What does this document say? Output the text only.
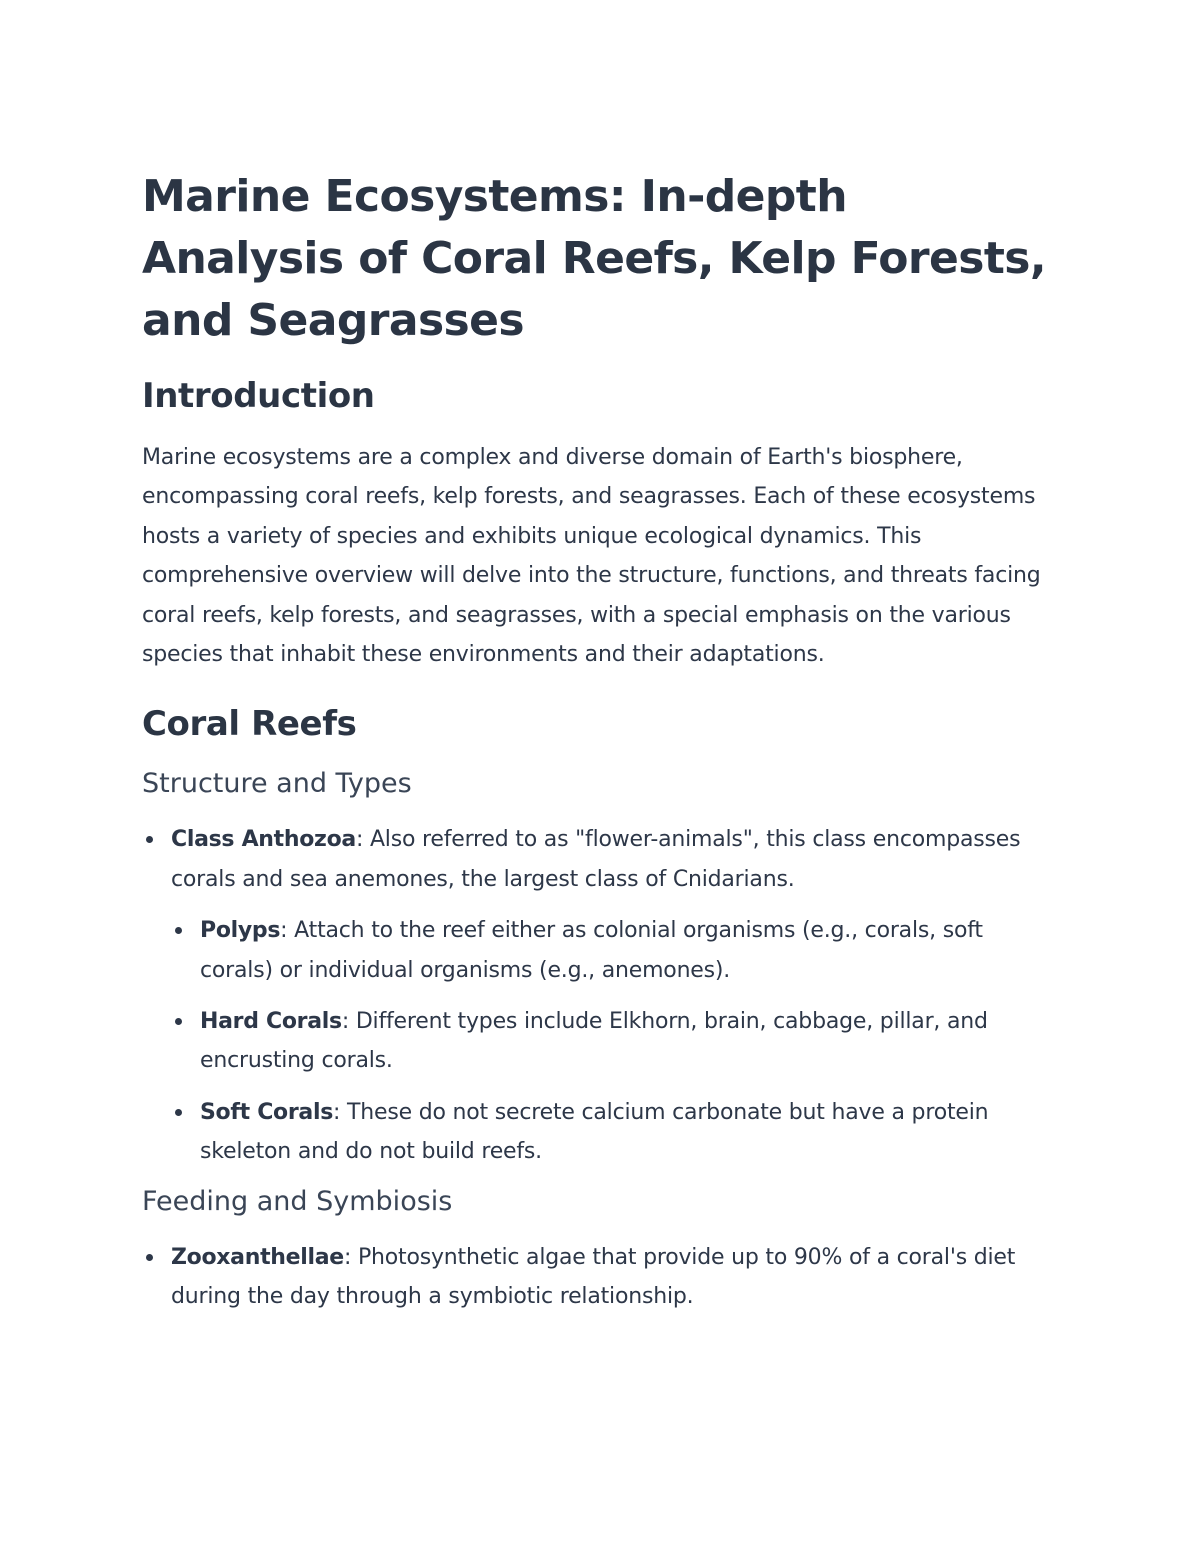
Marine Ecosystems: In-depth Analysis of Coral Reefs, Kelp Forests, and Seagrasses
Introduction

Marine ecosystems are a complex and diverse domain of Earth's biosphere, encompassing coral reefs, kelp forests, and seagrasses. Each of these ecosystems hosts a variety of species and exhibits unique ecological dynamics. This comprehensive overview will delve into the structure, functions, and threats facing coral reefs, kelp forests, and seagrasses, with a special emphasis on the various species that inhabit these environments and their adaptations.

Coral Reefs
Structure and Types
Class Anthozoa: Also referred to as "flower-animals", this class encompasses corals and sea anemones, the largest class of Cnidarians.
Polyps: Attach to the reef either as colonial organisms (e.g., corals, soft corals) or individual organisms (e.g., anemones).
Hard Corals: Different types include Elkhorn, brain, cabbage, pillar, and encrusting corals.
Soft Corals: These do not secrete calcium carbonate but have a protein skeleton and do not build reefs.
Feeding and Symbiosis
Zooxanthellae: Photosynthetic algae that provide up to 90% of a coral's diet during the day through a symbiotic relationship.
